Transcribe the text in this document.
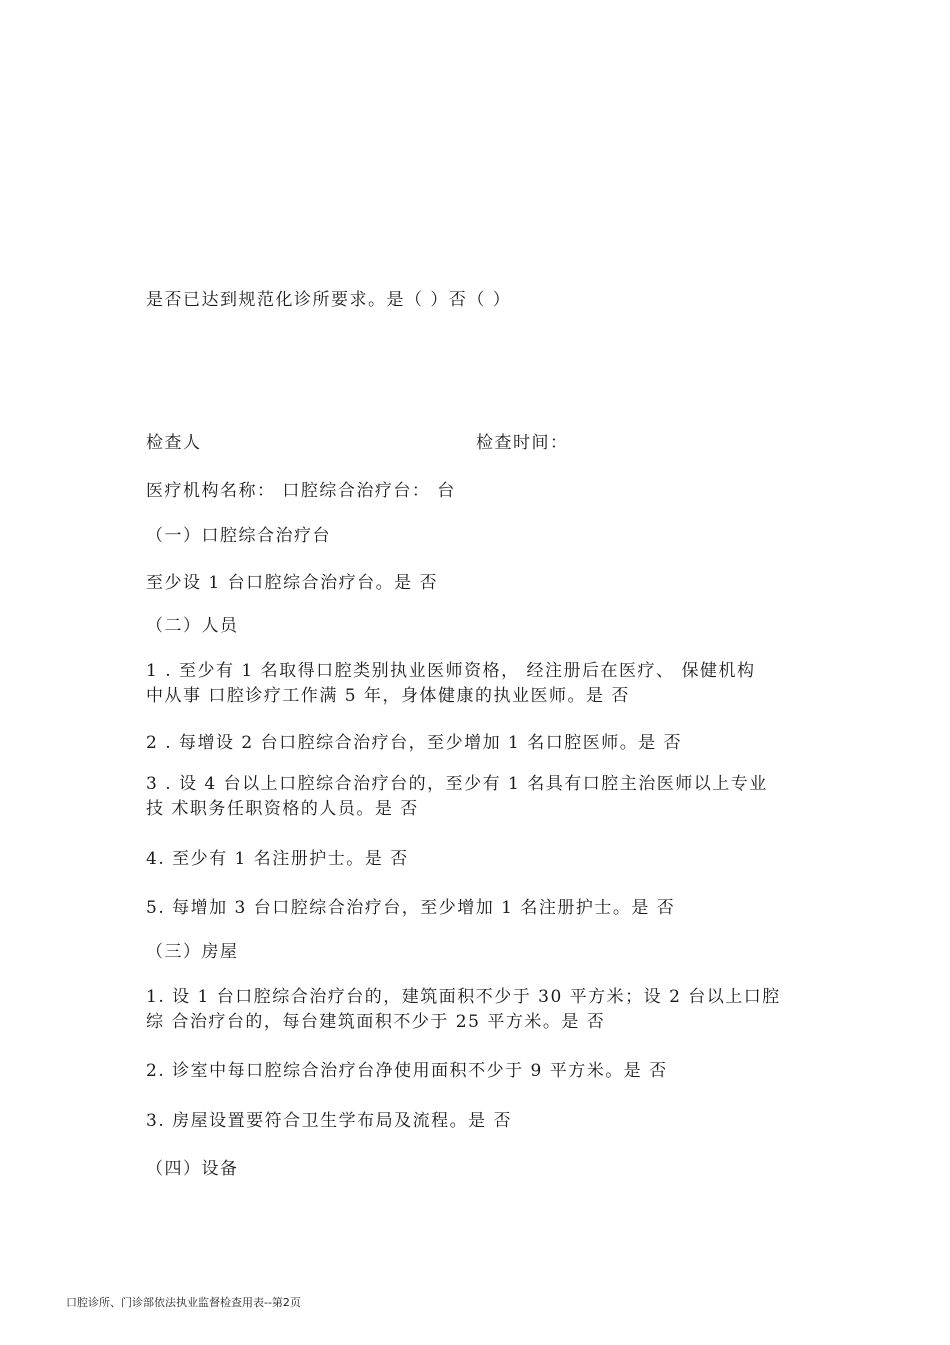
是否已达到规范化诊所要求。是（ ）否（ ）
检查人	检查时间：
医疗机构名称： 口腔综合治疗台： 台
（一）口腔综合治疗台
至少设 1 台口腔综合治疗台。是 否
（二）人员
1 . 至少有 1 名取得口腔类别执业医师资格， 经注册后在医疗、 保健机构
中从事 口腔诊疗工作满 5 年，身体健康的执业医师。是 否
2 . 每增设 2 台口腔综合治疗台，至少增加 1 名口腔医师。是 否
3 . 设 4 台以上口腔综合治疗台的，至少有 1 名具有口腔主治医师以上专业
技 术职务任职资格的人员。是 否
4. 至少有 1 名注册护士。是 否
5. 每增加 3 台口腔综合治疗台，至少增加 1 名注册护士。是 否
（三）房屋
1. 设 1 台口腔综合治疗台的，建筑面积不少于 30 平方米；设 2 台以上口腔
综 合治疗台的，每台建筑面积不少于 25 平方米。是 否
2. 诊室中每口腔综合治疗台净使用面积不少于 9 平方米。是 否
3. 房屋设置要符合卫生学布局及流程。是 否
（四）设备
口腔诊所、门诊部依法执业监督检查用表--第2页
